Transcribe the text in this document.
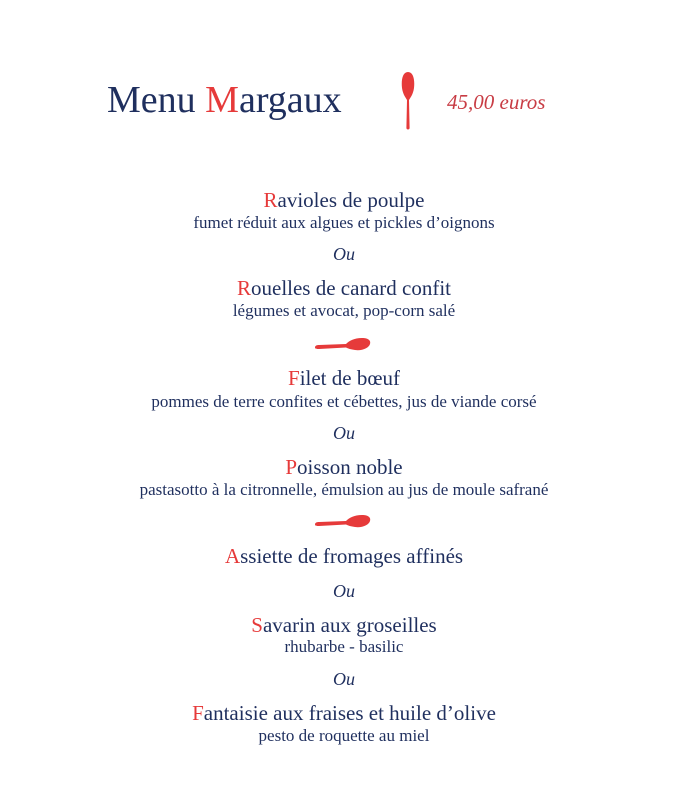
Menu Margaux	45,00 euros
Ravioles de poulpe
fumet réduit aux algues et pickles d’oignons
Ou
Rouelles de canard confit
légumes et avocat, pop-corn salé
Filet de bœuf
pommes de terre confites et cébettes, jus de viande corsé
Ou
Poisson noble
pastasotto à la citronnelle, émulsion au jus de moule safrané
Assiette de fromages affinés
Ou
Savarin aux groseilles
rhubarbe - basilic
Ou
Fantaisie aux fraises et huile d’olive
pesto de roquette au miel
